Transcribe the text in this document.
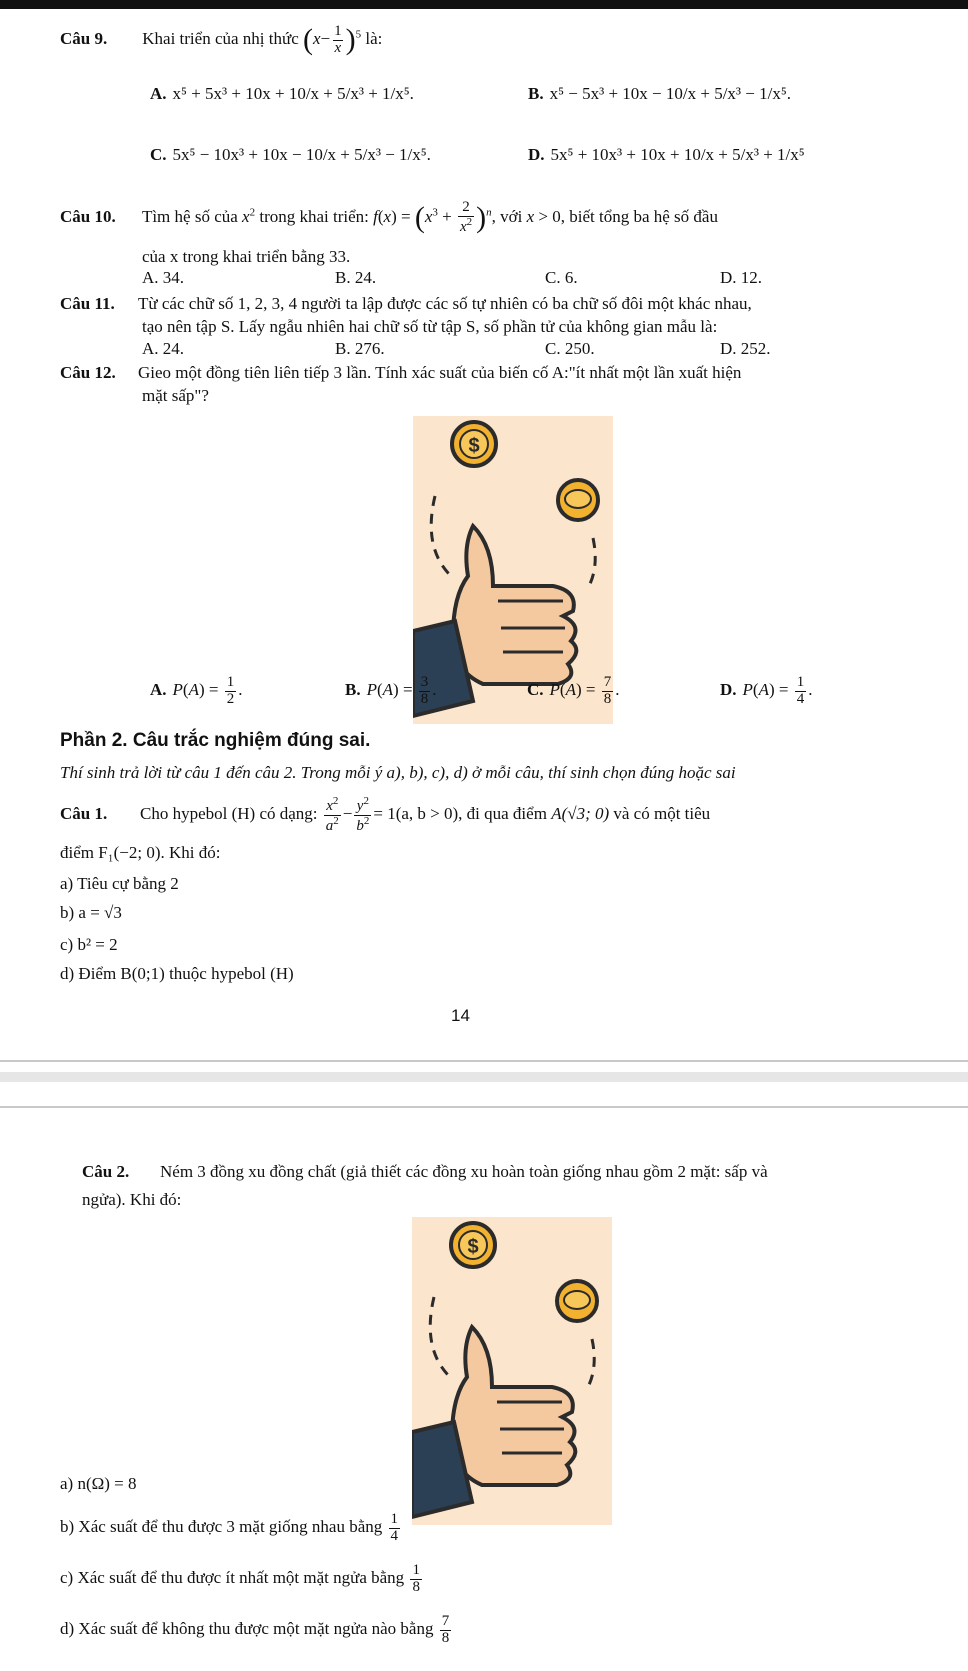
Câu 9. Khai triển của nhị thức $(x- \frac{1}{x} )^5$ là:
A. x⁵ + 5x³ + 10x + 10/x + 5/x³ + 1/x⁵.	B. x⁵ − 5x³ + 10x − 10/x + 5/x³ − 1/x⁵.
C. 5x⁵ − 10x³ + 10x − 10/x + 5/x³ − 1/x⁵.	D. 5x⁵ + 10x³ + 10x + 10/x + 5/x³ + 1/x⁵
Câu 10. Tìm hệ số của $x^2$ trong khai triển: $f(x) = (x^3 + \frac{2}{x^2} )^n$, với x > 0, biết tổng ba hệ số đầu
của x trong khai triển bằng 33.
A. 34.	B. 24.	C. 6.	D. 12.
Câu 11. Từ các chữ số 1, 2, 3, 4 người ta lập được các số tự nhiên có ba chữ số đôi một khác nhau,
tạo nên tập S. Lấy ngẫu nhiên hai chữ số từ tập S, số phần tử của không gian mẫu là:
A. 24.	B. 276.	C. 250.	D. 252.
Câu 12. Gieo một đồng tiên liên tiếp 3 lần. Tính xác suất của biến cố A:"ít nhất một lần xuất hiện
mặt sấp"?
$
A. $P(A) = \frac{1}{2}$ .	B. $P(A) = \frac{3}{8}$ .	C. $P(A) = \frac{7}{8}$ .	D. $P(A) = \frac{1}{4}$ .
Phần 2. Câu trắc nghiệm đúng sai.
Thí sinh trả lời từ câu 1 đến câu 2. Trong mỗi ý a), b), c), d) ở mỗi câu, thí sinh chọn đúng hoặc sai
Câu 1. Cho hypebol (H) có dạng: $\frac{x^2}{a^2} - \frac{y^2}{b^2} = 1(a$, b > 0), đi qua điểm A(√3; 0) và có một tiêu
điểm F₁(−2; 0). Khi đó:
a) Tiêu cự bằng 2
b) a = √3
c) b² = 2
d) Điểm B(0;1) thuộc hypebol (H)
14
Câu 2. Ném 3 đồng xu đồng chất (giả thiết các đồng xu hoàn toàn giống nhau gồm 2 mặt: sấp và
ngửa). Khi đó:
$
a) n(Ω) = 8
b) Xác suất để thu được 3 mặt giống nhau bằng $\frac{1}{4}$
c) Xác suất để thu được ít nhất một mặt ngửa bằng $\frac{1}{8}$
d) Xác suất để không thu được một mặt ngửa nào bằng $\frac{7}{8}$
